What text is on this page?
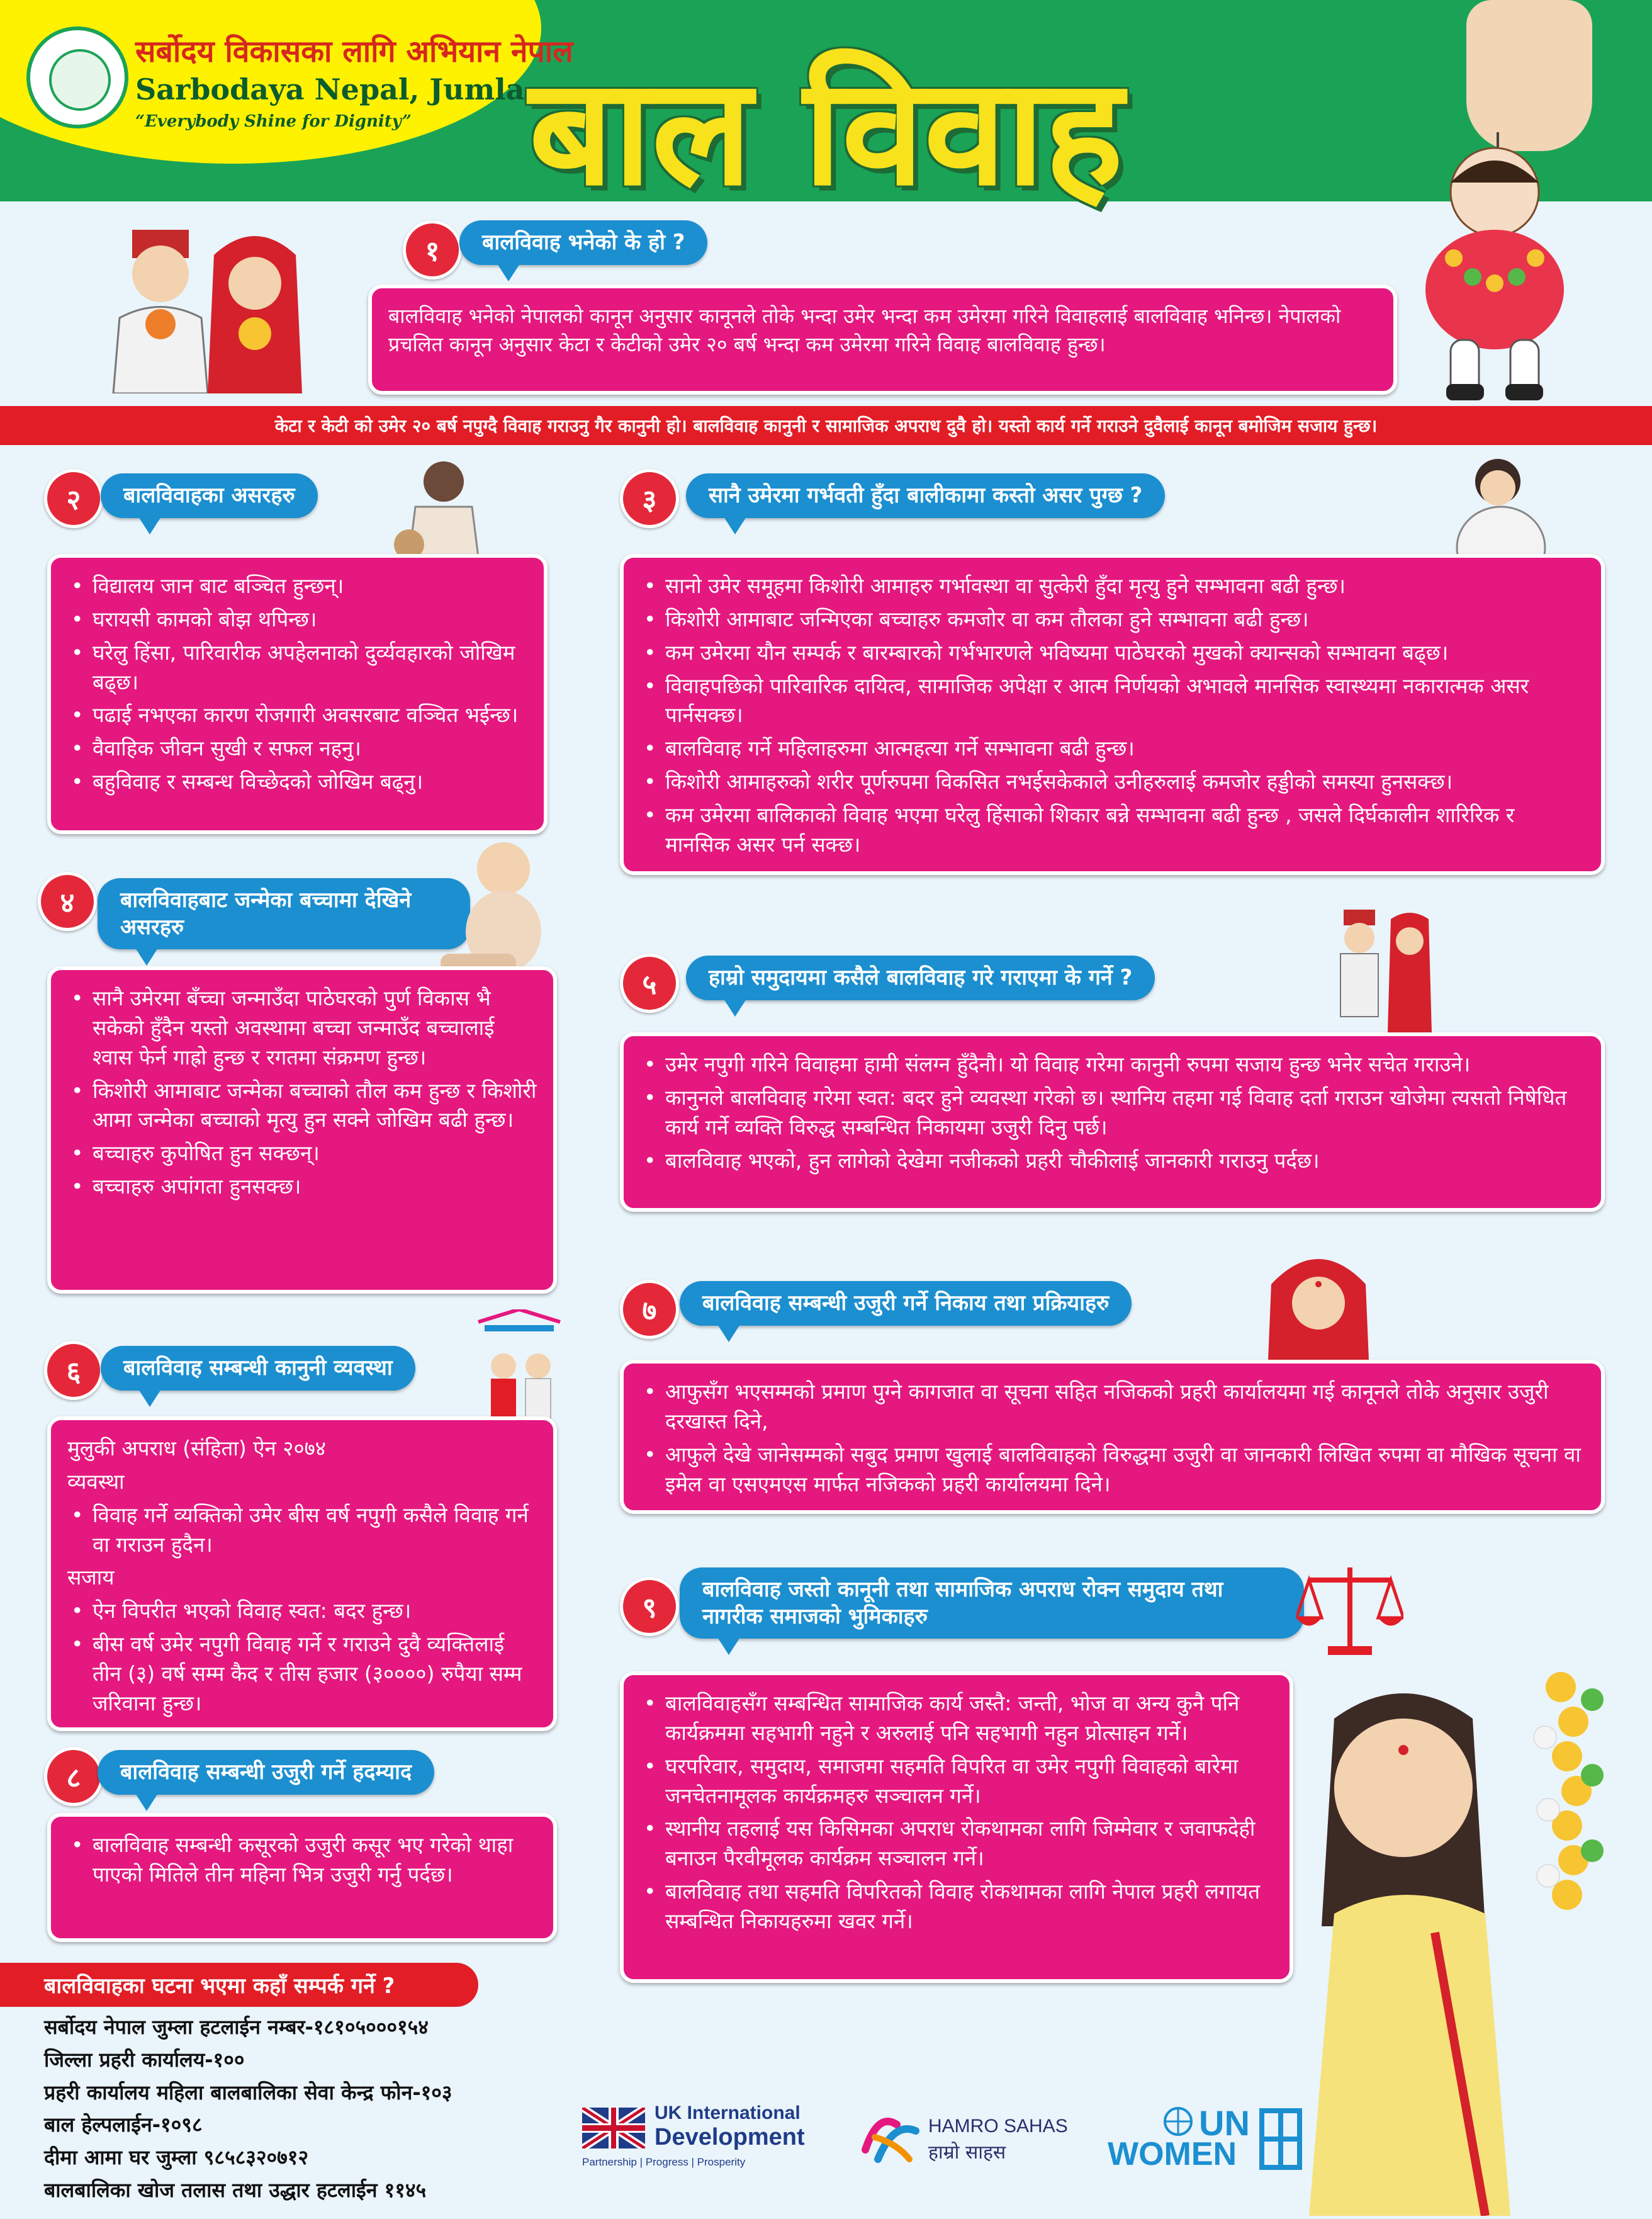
सर्बोदय विकासका लागि अभियान नेपाल
Sarbodaya Nepal, Jumla
“Everybody Shine for Dignity” बाल विवाह
१	बालविवाह भनेको के हो ?
बालविवाह भनेको नेपालको कानून अनुसार कानूनले तोके भन्दा उमेर भन्दा कम उमेरमा गरिने विवाहलाई बालविवाह भनिन्छ। नेपालको प्रचलित कानून अनुसार केटा र केटीको उमेर २० बर्ष भन्दा कम उमेरमा गरिने विवाह बालविवाह हुन्छ।
केटा र केटी को उमेर २० बर्ष नपुग्दै विवाह गराउनु गैर कानुनी हो। बालविवाह कानुनी र सामाजिक अपराध दुवै हो। यस्तो कार्य गर्ने गराउने दुवैलाई कानून बमोजिम सजाय हुन्छ।
२	बालविवाहका असरहरु
• विद्यालय जान बाट बञ्चित हुन्छन्।
• घरायसी कामको बोझ थपिन्छ।
• घरेलु हिंसा, पारिवारीक अपहेलनाको दुर्व्यवहारको जोखिम बढ्छ।
• पढाई नभएका कारण रोजगारी अवसरबाट वञ्चित भईन्छ।
• वैवाहिक जीवन सुखी र सफल नहनु।
• बहुविवाह र सम्बन्ध विच्छेदको जोखिम बढ्नु।
३	सानै उमेरमा गर्भवती हुँदा बालीकामा कस्तो असर पुग्छ ?
• सानो उमेर समूहमा किशोरी आमाहरु गर्भावस्था वा सुत्केरी हुँदा मृत्यु हुने सम्भावना बढी हुन्छ।
• किशोरी आमाबाट जन्मिएका बच्चाहरु कमजोर वा कम तौलका हुने सम्भावना बढी हुन्छ।
• कम उमेरमा यौन सम्पर्क र बारम्बारको गर्भभारणले भविष्यमा पाठेघरको मुखको क्यान्सको सम्भावना बढ्छ।
• विवाहपछिको पारिवारिक दायित्व, सामाजिक अपेक्षा र आत्म निर्णयको अभावले मानसिक स्वास्थ्यमा नकारात्मक असर पार्नसक्छ।
• बालविवाह गर्ने महिलाहरुमा आत्महत्या गर्ने सम्भावना बढी हुन्छ।
• किशोरी आमाहरुको शरीर पूर्णरुपमा विकसित नभईसकेकाले उनीहरुलाई कमजोर हड्डीको समस्या हुनसक्छ।
• कम उमेरमा बालिकाको विवाह भएमा घरेलु हिंसाको शिकार बन्ने सम्भावना बढी हुन्छ , जसले दिर्घकालीन शारिरिक र मानसिक असर पर्न सक्छ।
४	बालविवाहबाट जन्मेका बच्चामा देखिने असरहरु
• सानै उमेरमा बँच्चा जन्माउँदा पाठेघरको पुर्ण विकास भै सकेको हुँदैन यस्तो अवस्थामा बच्चा जन्माउँद बच्चालाई श्वास फेर्न गाह्रो हुन्छ र रगतमा संक्रमण हुन्छ।
• किशोरी आमाबाट जन्मेका बच्चाको तौल कम हुन्छ र किशोरी आमा जन्मेका बच्चाको मृत्यु हुन सक्ने जोखिम बढी हुन्छ।
• बच्चाहरु कुपोषित हुन सक्छन्।
• बच्चाहरु अपांगता हुनसक्छ।
५	हाम्रो समुदायमा कसैले बालविवाह गरे गराएमा के गर्ने ?
• उमेर नपुगी गरिने विवाहमा हामी संलग्न हुँदैनौ। यो विवाह गरेमा कानुनी रुपमा सजाय हुन्छ भनेर सचेत गराउने।
• कानुनले बालविवाह गरेमा स्वत: बदर हुने व्यवस्था गरेको छ। स्थानिय तहमा गई विवाह दर्ता गराउन खोजेमा त्यसतो निषेधित कार्य गर्ने व्यक्ति विरुद्ध सम्बन्धित निकायमा उजुरी दिनु पर्छ।
• बालविवाह भएको, हुन लागेको देखेमा नजीकको प्रहरी चौकीलाई जानकारी गराउनु पर्दछ।
६	बालविवाह सम्बन्धी कानुनी व्यवस्था
मुलुकी अपराध (संहिता) ऐन २०७४
व्यवस्था
• विवाह गर्ने व्यक्तिको उमेर बीस वर्ष नपुगी कसैले विवाह गर्न वा गराउन हुदैन।
सजाय
• ऐन विपरीत भएको विवाह स्वत: बदर हुन्छ।
• बीस वर्ष उमेर नपुगी विवाह गर्ने र गराउने दुवै व्यक्तिलाई तीन (३) वर्ष सम्म कैद र तीस हजार (३००००) रुपैया सम्म जरिवाना हुन्छ।
७	बालविवाह सम्बन्धी उजुरी गर्ने निकाय तथा प्रक्रियाहरु
• आफुसँग भएसम्मको प्रमाण पुग्ने कागजात वा सूचना सहित नजिकको प्रहरी कार्यालयमा गई कानूनले तोके अनुसार उजुरी दरखास्त दिने,
• आफुले देखे जानेसम्मको सबुद प्रमाण खुलाई बालविवाहको विरुद्धमा उजुरी वा जानकारी लिखित रुपमा वा मौखिक सूचना वा इमेल वा एसएमएस मार्फत नजिकको प्रहरी कार्यालयमा दिने।
८	बालविवाह सम्बन्धी उजुरी गर्ने हदम्याद
• बालविवाह सम्बन्धी कसूरको उजुरी कसूर भए गरेको थाहा पाएको मितिले तीन महिना भित्र उजुरी गर्नु पर्दछ।
९
बालविवाह जस्तो कानूनी तथा सामाजिक अपराध रोक्न समुदाय तथा नागरीक समाजको भुमिकाहरु
• बालविवाहसँग सम्बन्धित सामाजिक कार्य जस्तै: जन्ती, भोज वा अन्य कुनै पनि कार्यक्रममा सहभागी नहुने र अरुलाई पनि सहभागी नहुन प्रोत्साहन गर्ने।
• घरपरिवार, समुदाय, समाजमा सहमति विपरित वा उमेर नपुगी विवाहको बारेमा जनचेतनामूलक कार्यक्रमहरु सञ्चालन गर्ने।
• स्थानीय तहलाई यस किसिमका अपराध रोकथामका लागि जिम्मेवार र जवाफदेही बनाउन पैरवीमूलक कार्यक्रम सञ्चालन गर्ने।
• बालविवाह तथा सहमति विपरितको विवाह रोकथामका लागि नेपाल प्रहरी लगायत सम्बन्धित निकायहरुमा खवर गर्ने।
बालविवाहका घटना भएमा कहाँ सम्पर्क गर्ने ?
सर्बोदय नेपाल जुम्ला हटलाईन नम्बर-१८१०५०००१५४
जिल्ला प्रहरी कार्यालय-१००
प्रहरी कार्यालय महिला बालबालिका सेवा केन्द्र फोन-१०३
बाल हेल्पलाईन-१०९८
दीमा आमा घर जुम्ला ९८५८३२०७१२
बालबालिका खोज तलास तथा उद्धार हटलाईन ११४५
UK International
Development
Partnership | Progress | Prosperity
HAMRO SAHAS
हाम्रो साहस
UN
WOMEN
